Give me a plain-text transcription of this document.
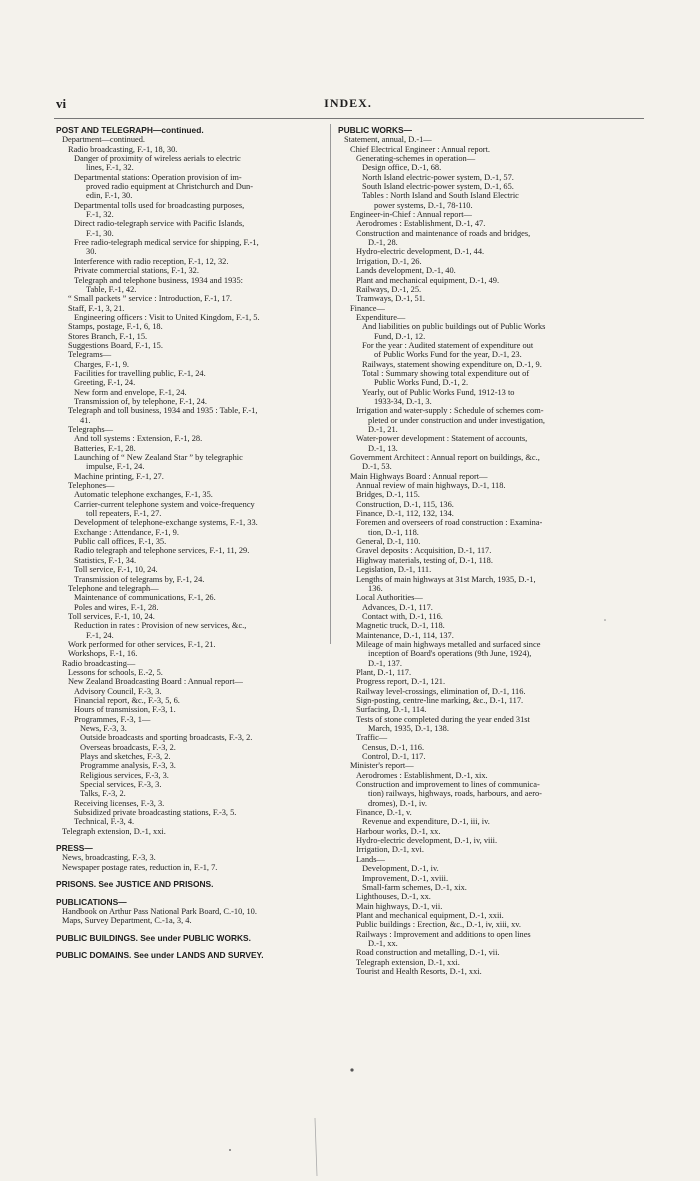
vi	INDEX.
POST AND TELEGRAPH—continued.
Department—continued.
Radio broadcasting, F.-1, 18, 30.
Danger of proximity of wireless aerials to electric
lines, F.-1, 32.
Departmental stations: Operation provision of im-
proved radio equipment at Christchurch and Dun-
edin, F.-1, 30.
Departmental tolls used for broadcasting purposes,
F.-1, 32.
Direct radio-telegraph service with Pacific Islands,
F.-1, 30.
Free radio-telegraph medical service for shipping, F.-1,
30.
Interference with radio reception, F.-1, 12, 32.
Private commercial stations, F.-1, 32.
Telegraph and telephone business, 1934 and 1935:
Table, F.-1, 42.
“ Small packets ” service : Introduction, F.-1, 17.
Staff, F.-1, 3, 21.
Engineering officers : Visit to United Kingdom, F.-1, 5.
Stamps, postage, F.-1, 6, 18.
Stores Branch, F.-1, 15.
Suggestions Board, F.-1, 15.
Telegrams—
Charges, F.-1, 9.
Facilities for travelling public, F.-1, 24.
Greeting, F.-1, 24.
New form and envelope, F.-1, 24.
Transmission of, by telephone, F.-1, 24.
Telegraph and toll business, 1934 and 1935 : Table, F.-1,
41.
Telegraphs—
And toll systems : Extension, F.-1, 28.
Batteries, F.-1, 28.
Launching of “ New Zealand Star ” by telegraphic
impulse, F.-1, 24.
Machine printing, F.-1, 27.
Telephones—
Automatic telephone exchanges, F.-1, 35.
Carrier-current telephone system and voice-frequency
toll repeaters, F.-1, 27.
Development of telephone-exchange systems, F.-1, 33.
Exchange : Attendance, F.-1, 9.
Public call offices, F.-1, 35.
Radio telegraph and telephone services, F.-1, 11, 29.
Statistics, F.-1, 34.
Toll service, F.-1, 10, 24.
Transmission of telegrams by, F.-1, 24.
Telephone and telegraph—
Maintenance of communications, F.-1, 26.
Poles and wires, F.-1, 28.
Toll services, F.-1, 10, 24.
Reduction in rates : Provision of new services, &c.,
F.-1, 24.
Work performed for other services, F.-1, 21.
Workshops, F.-1, 16.
Radio broadcasting—
Lessons for schools, E.-2, 5.
New Zealand Broadcasting Board : Annual report—
Advisory Council, F.-3, 3.
Financial report, &c., F.-3, 5, 6.
Hours of transmission, F.-3, 1.
Programmes, F.-3, 1—
News, F.-3, 3.
Outside broadcasts and sporting broadcasts, F.-3, 2.
Overseas broadcasts, F.-3, 2.
Plays and sketches, F.-3, 2.
Programme analysis, F.-3, 3.
Religious services, F.-3, 3.
Special services, F.-3, 3.
Talks, F.-3, 2.
Receiving licenses, F.-3, 3.
Subsidized private broadcasting stations, F.-3, 5.
Technical, F.-3, 4.
Telegraph extension, D.-1, xxi.
PRESS—
News, broadcasting, F.-3, 3.
Newspaper postage rates, reduction in, F.-1, 7.
PRISONS. See JUSTICE AND PRISONS.
PUBLICATIONS—
Handbook on Arthur Pass National Park Board, C.-10, 10.
Maps, Survey Department, C.-1a, 3, 4.
PUBLIC BUILDINGS. See under PUBLIC WORKS.
PUBLIC DOMAINS. See under LANDS AND SURVEY.
PUBLIC WORKS—
Statement, annual, D.-1—
Chief Electrical Engineer : Annual report.
Generating-schemes in operation—
Design office, D.-1, 68.
North Island electric-power system, D.-1, 57.
South Island electric-power system, D.-1, 65.
Tables : North Island and South Island Electric
power systems, D.-1, 78-110.
Engineer-in-Chief : Annual report—
Aerodromes : Establishment, D.-1, 47.
Construction and maintenance of roads and bridges,
D.-1, 28.
Hydro-electric development, D.-1, 44.
Irrigation, D.-1, 26.
Lands development, D.-1, 40.
Plant and mechanical equipment, D.-1, 49.
Railways, D.-1, 25.
Tramways, D.-1, 51.
Finance—
Expenditure—
And liabilities on public buildings out of Public Works
Fund, D.-1, 12.
For the year : Audited statement of expenditure out
of Public Works Fund for the year, D.-1, 23.
Railways, statement showing expenditure on, D.-1, 9.
Total : Summary showing total expenditure out of
Public Works Fund, D.-1, 2.
Yearly, out of Public Works Fund, 1912-13 to
1933-34, D.-1, 3.
Irrigation and water-supply : Schedule of schemes com-
pleted or under construction and under investigation,
D.-1, 21.
Water-power development : Statement of accounts,
D.-1, 13.
Government Architect : Annual report on buildings, &c.,
D.-1, 53.
Main Highways Board : Annual report—
Annual review of main highways, D.-1, 118.
Bridges, D.-1, 115.
Construction, D.-1, 115, 136.
Finance, D.-1, 112, 132, 134.
Foremen and overseers of road construction : Examina-
tion, D.-1, 118.
General, D.-1, 110.
Gravel deposits : Acquisition, D.-1, 117.
Highway materials, testing of, D.-1, 118.
Legislation, D.-1, 111.
Lengths of main highways at 31st March, 1935, D.-1,
136.
Local Authorities—
Advances, D.-1, 117.
Contact with, D.-1, 116.
Magnetic truck, D.-1, 118.
Maintenance, D.-1, 114, 137.
Mileage of main highways metalled and surfaced since
inception of Board's operations (9th June, 1924),
D.-1, 137.
Plant, D.-1, 117.
Progress report, D.-1, 121.
Railway level-crossings, elimination of, D.-1, 116.
Sign-posting, centre-line marking, &c., D.-1, 117.
Surfacing, D.-1, 114.
Tests of stone completed during the year ended 31st
March, 1935, D.-1, 138.
Traffic—
Census, D.-1, 116.
Control, D.-1, 117.
Minister's report—
Aerodromes : Establishment, D.-1, xix.
Construction and improvement to lines of communica-
tion) railways, highways, roads, harbours, and aero-
dromes), D.-1, iv.
Finance, D.-1, v.
Revenue and expenditure, D.-1, iii, iv.
Harbour works, D.-1, xx.
Hydro-electric development, D.-1, iv, viii.
Irrigation, D.-1, xvi.
Lands—
Development, D.-1, iv.
Improvement, D.-1, xviii.
Small-farm schemes, D.-1, xix.
Lighthouses, D.-1, xx.
Main highways, D.-1, vii.
Plant and mechanical equipment, D.-1, xxii.
Public buildings : Erection, &c., D.-1, iv, xiii, xv.
Railways : Improvement and additions to open lines
D.-1, xx.
Road construction and metalling, D.-1, vii.
Telegraph extension, D.-1, xxi.
Tourist and Health Resorts, D.-1, xxi.
